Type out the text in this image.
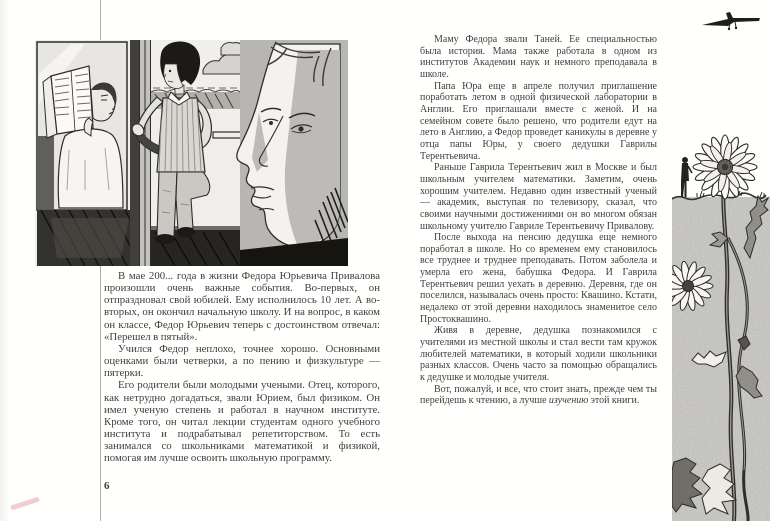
В мае 200... года в жизни Федора Юрьевича Привалова произошли очень важные события. Во-первых, он отпраздновал свой юбилей. Ему исполнилось 10 лет. А во-вторых, он окончил начальную школу. И на вопрос, в каком он классе, Федор Юрьевич теперь с достоинством отвечал: «Перешел в пятый».

Учился Федор неплохо, точнее хорошо. Основными оценками были четверки, а по пению и физкультуре — пятерки.

Его родители были молодыми учеными. Отец, которого, как нетрудно догадаться, звали Юрием, был физиком. Он имел ученую степень и работал в научном институте. Кроме того, он читал лекции студентам одного учебного института и подрабатывал репетиторством. То есть занимался со школьниками математикой и физикой, помогая им лучше освоить школьную программу.

6

Маму Федора звали Таней. Ее специальностью была история. Мама также работала в одном из институтов Академии наук и немного преподавала в школе.

Папа Юра еще в апреле получил приглашение поработать летом в одной физической лаборатории в Англии. Его приглашали вместе с женой. И на семейном совете было решено, что родители едут на лето в Англию, а Федор проведет каникулы в деревне у отца папы Юры, у своего дедушки Гаврилы Терентьевича.

Раньше Гаврила Терентьевич жил в Москве и был школьным учителем математики. Заметим, очень хорошим учителем. Недавно один известный ученый — академик, выступая по телевизору, сказал, что своими научными достижениями он во многом обязан школьному учителю Гавриле Терентьевичу Привалову.

После выхода на пенсию дедушка еще немного поработал в школе. Но со временем ему становилось все труднее и труднее преподавать. Потом заболела и умерла его жена, бабушка Федора. И Гаврила Терентьевич решил уехать в деревню. Деревня, где он поселился, называлась очень просто: Квашино. Кстати, недалеко от этой деревни находилось знаменитое село Простоквашино.

Живя в деревне, дедушка познакомился с учителями из местной школы и стал вести там кружок любителей математики, в который ходили школьники разных классов. Очень часто за помощью обращались к дедушке и молодые учителя.

Вот, пожалуй, и все, что стоит знать, прежде чем ты перейдешь к чтению, а лучше изучению этой книги.
